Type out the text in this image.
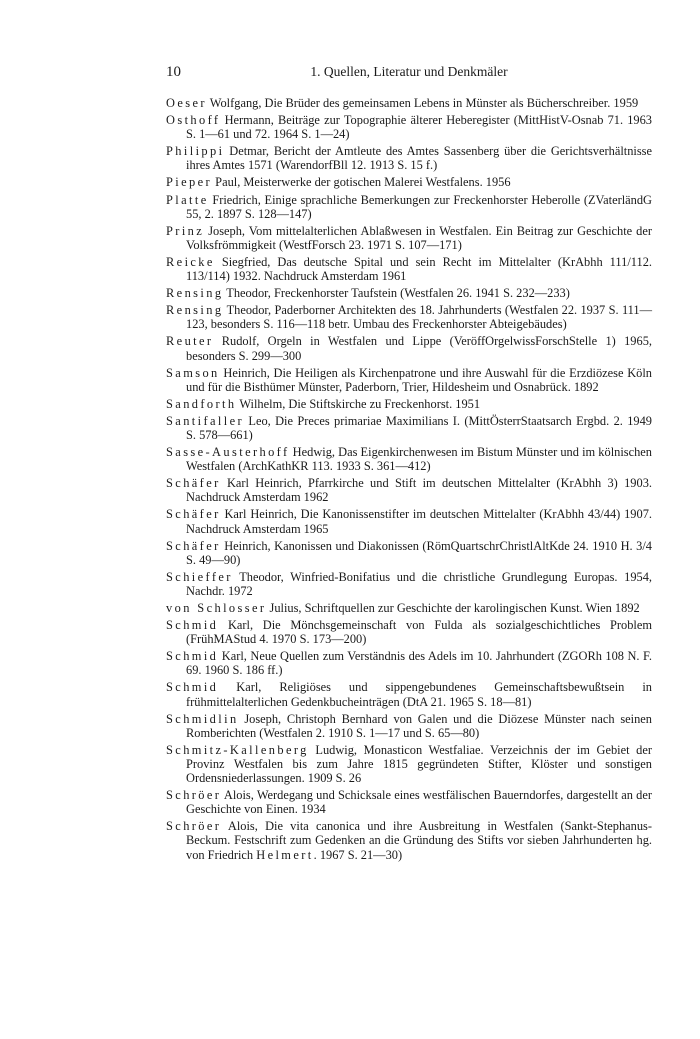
10	1. Quellen, Literatur und Denkmäler

Oeser Wolfgang, Die Brüder des gemeinsamen Lebens in Münster als Bücherschreiber. 1959

Osthoff Hermann, Beiträge zur Topographie älterer Heberegister (MittHistV-Osnab 71. 1963 S. 1—61 und 72. 1964 S. 1—24)

Philippi Detmar, Bericht der Amtleute des Amtes Sassenberg über die Gerichtsverhältnisse ihres Amtes 1571 (WarendorfBll 12. 1913 S. 15 f.)

Pieper Paul, Meisterwerke der gotischen Malerei Westfalens. 1956

Platte Friedrich, Einige sprachliche Bemerkungen zur Freckenhorster Heberolle (ZVaterländG 55, 2. 1897 S. 128—147)

Prinz Joseph, Vom mittelalterlichen Ablaßwesen in Westfalen. Ein Beitrag zur Geschichte der Volksfrömmigkeit (WestfForsch 23. 1971 S. 107—171)

Reicke Siegfried, Das deutsche Spital und sein Recht im Mittelalter (KrAbhh 111/112. 113/114) 1932. Nachdruck Amsterdam 1961

Rensing Theodor, Freckenhorster Taufstein (Westfalen 26. 1941 S. 232—233)

Rensing Theodor, Paderborner Architekten des 18. Jahrhunderts (Westfalen 22. 1937 S. 111—123, besonders S. 116—118 betr. Umbau des Freckenhorster Abteigebäudes)

Reuter Rudolf, Orgeln in Westfalen und Lippe (VeröffOrgelwissForschStelle 1) 1965, besonders S. 299—300

Samson Heinrich, Die Heiligen als Kirchenpatrone und ihre Auswahl für die Erzdiözese Köln und für die Bisthümer Münster, Paderborn, Trier, Hildesheim und Osnabrück. 1892

Sandforth Wilhelm, Die Stiftskirche zu Freckenhorst. 1951

Santifaller Leo, Die Preces primariae Maximilians I. (MittÖsterrStaatsarch Ergbd. 2. 1949 S. 578—661)

Sasse-Austerhoff Hedwig, Das Eigenkirchenwesen im Bistum Münster und im kölnischen Westfalen (ArchKathKR 113. 1933 S. 361—412)

Schäfer Karl Heinrich, Pfarrkirche und Stift im deutschen Mittelalter (KrAbhh 3) 1903. Nachdruck Amsterdam 1962

Schäfer Karl Heinrich, Die Kanonissenstifter im deutschen Mittelalter (KrAbhh 43/44) 1907. Nachdruck Amsterdam 1965

Schäfer Heinrich, Kanonissen und Diakonissen (RömQuartschrChristlAltKde 24. 1910 H. 3/4 S. 49—90)

Schieffer Theodor, Winfried-Bonifatius und die christliche Grundlegung Europas. 1954, Nachdr. 1972

von Schlosser Julius, Schriftquellen zur Geschichte der karolingischen Kunst. Wien 1892

Schmid Karl, Die Mönchsgemeinschaft von Fulda als sozialgeschichtliches Problem (FrühMAStud 4. 1970 S. 173—200)

Schmid Karl, Neue Quellen zum Verständnis des Adels im 10. Jahrhundert (ZGORh 108 N. F. 69. 1960 S. 186 ff.)

Schmid Karl, Religiöses und sippengebundenes Gemeinschaftsbewußtsein in frühmittelalterlichen Gedenkbucheinträgen (DtA 21. 1965 S. 18—81)

Schmidlin Joseph, Christoph Bernhard von Galen und die Diözese Münster nach seinen Romberichten (Westfalen 2. 1910 S. 1—17 und S. 65—80)

Schmitz-Kallenberg Ludwig, Monasticon Westfaliae. Verzeichnis der im Gebiet der Provinz Westfalen bis zum Jahre 1815 gegründeten Stifter, Klöster und sonstigen Ordensniederlassungen. 1909 S. 26

Schröer Alois, Werdegang und Schicksale eines westfälischen Bauerndorfes, dargestellt an der Geschichte von Einen. 1934

Schröer Alois, Die vita canonica und ihre Ausbreitung in Westfalen (Sankt-Stephanus-Beckum. Festschrift zum Gedenken an die Gründung des Stifts vor sieben Jahrhunderten hg. von Friedrich Helmert. 1967 S. 21—30)
